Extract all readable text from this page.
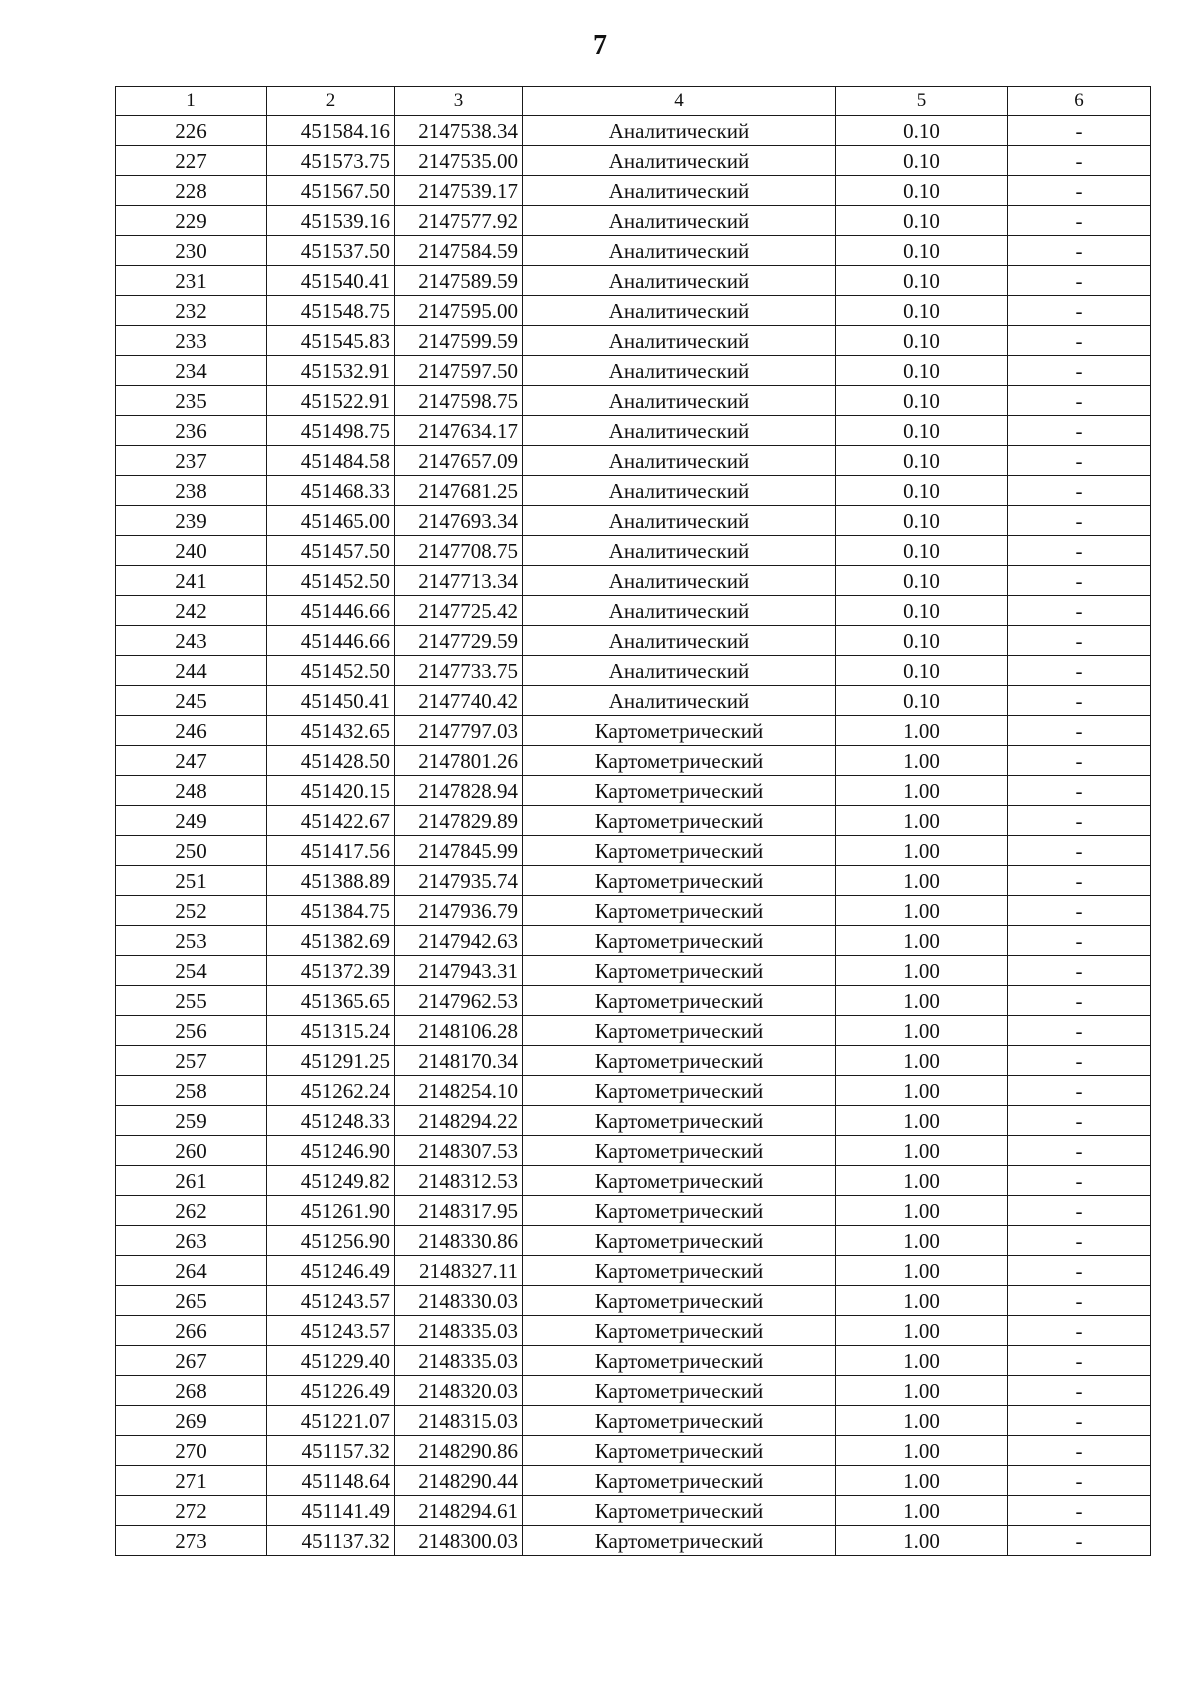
7
1	2	3	4	5	6
226	451584.16	2147538.34	Аналитический	0.10	-
227	451573.75	2147535.00	Аналитический	0.10	-
228	451567.50	2147539.17	Аналитический	0.10	-
229	451539.16	2147577.92	Аналитический	0.10	-
230	451537.50	2147584.59	Аналитический	0.10	-
231	451540.41	2147589.59	Аналитический	0.10	-
232	451548.75	2147595.00	Аналитический	0.10	-
233	451545.83	2147599.59	Аналитический	0.10	-
234	451532.91	2147597.50	Аналитический	0.10	-
235	451522.91	2147598.75	Аналитический	0.10	-
236	451498.75	2147634.17	Аналитический	0.10	-
237	451484.58	2147657.09	Аналитический	0.10	-
238	451468.33	2147681.25	Аналитический	0.10	-
239	451465.00	2147693.34	Аналитический	0.10	-
240	451457.50	2147708.75	Аналитический	0.10	-
241	451452.50	2147713.34	Аналитический	0.10	-
242	451446.66	2147725.42	Аналитический	0.10	-
243	451446.66	2147729.59	Аналитический	0.10	-
244	451452.50	2147733.75	Аналитический	0.10	-
245	451450.41	2147740.42	Аналитический	0.10	-
246	451432.65	2147797.03	Картометрический	1.00	-
247	451428.50	2147801.26	Картометрический	1.00	-
248	451420.15	2147828.94	Картометрический	1.00	-
249	451422.67	2147829.89	Картометрический	1.00	-
250	451417.56	2147845.99	Картометрический	1.00	-
251	451388.89	2147935.74	Картометрический	1.00	-
252	451384.75	2147936.79	Картометрический	1.00	-
253	451382.69	2147942.63	Картометрический	1.00	-
254	451372.39	2147943.31	Картометрический	1.00	-
255	451365.65	2147962.53	Картометрический	1.00	-
256	451315.24	2148106.28	Картометрический	1.00	-
257	451291.25	2148170.34	Картометрический	1.00	-
258	451262.24	2148254.10	Картометрический	1.00	-
259	451248.33	2148294.22	Картометрический	1.00	-
260	451246.90	2148307.53	Картометрический	1.00	-
261	451249.82	2148312.53	Картометрический	1.00	-
262	451261.90	2148317.95	Картометрический	1.00	-
263	451256.90	2148330.86	Картометрический	1.00	-
264	451246.49	2148327.11	Картометрический	1.00	-
265	451243.57	2148330.03	Картометрический	1.00	-
266	451243.57	2148335.03	Картометрический	1.00	-
267	451229.40	2148335.03	Картометрический	1.00	-
268	451226.49	2148320.03	Картометрический	1.00	-
269	451221.07	2148315.03	Картометрический	1.00	-
270	451157.32	2148290.86	Картометрический	1.00	-
271	451148.64	2148290.44	Картометрический	1.00	-
272	451141.49	2148294.61	Картометрический	1.00	-
273	451137.32	2148300.03	Картометрический	1.00	-
